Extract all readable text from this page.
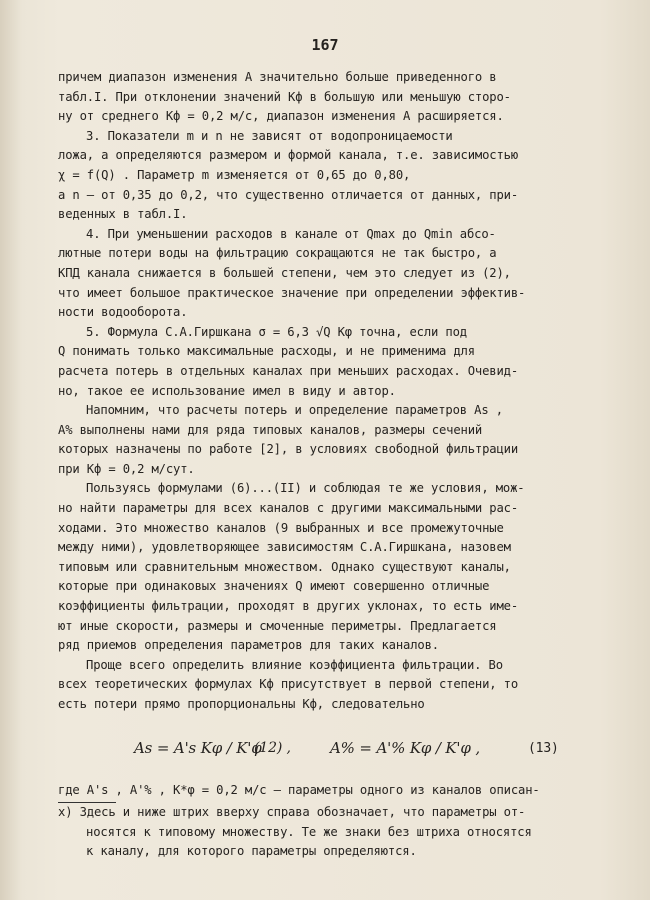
167
причем диапазон изменения А значительно больше приведенного в
табл.I. При отклонении значений Кф в большую или меньшую сторо-
ну от среднего Кф = 0,2 м/с, диапазон изменения А расширяется.
3. Показатели m и n не зависят от водопроницаемости
ложа, а определяются размером и формой канала, т.е. зависимостью
χ = f(Q) . Параметр m изменяется от 0,65 до 0,80,
а n – от 0,35 до 0,2, что существенно отличается от данных, при-
веденных в табл.I.
4. При уменьшении расходов в канале от Qmax до Qmin абсо-
лютные потери воды на фильтрацию сокращаются не так быстро, а
КПД канала снижается в большей степени, чем это следует из (2),
что имеет большое практическое значение при определении эффектив-
ности водооборота.
5. Формула С.А.Гиршкана σ = 6,3 √Q Кφ точна, если под
Q понимать только максимальные расходы, и не применима для
расчета потерь в отдельных каналах при меньших расходах. Очевид-
но, такое ее использование имел в виду и автор.
Напомним, что расчеты потерь и определение параметров As ,
A% выполнены нами для ряда типовых каналов, размеры сечений
которых назначены по работе [2], в условиях свободной фильтрации
при Кф = 0,2 м/сут.
Пользуясь формулами (6)...(II) и соблюдая те же условия, мож-
но найти параметры для всех каналов с другими максимальными рас-
ходами. Это множество каналов (9 выбранных и все промежуточные
между ними), удовлетворяющее зависимостям С.А.Гиршкана, назовем
типовым или сравнительным множеством. Однако существуют каналы,
которые при одинаковых значениях Q имеют совершенно отличные
коэффициенты фильтрации, проходят в других уклонах, то есть име-
ют иные скорости, размеры и смоченные периметры. Предлагается
ряд приемов определения параметров для таких каналов.
Проще всего определить влияние коэффициента фильтрации. Во
всех теоретических формулах Кф присутствует в первой степени, то
есть потери прямо пропорциональны Кф, следовательно
As = A's Kφ / K'φ
(12) ,	A% = A'% Kφ / K'φ ,	(13)
где A's , A'% , K*φ = 0,2 м/с – параметры одного из каналов описан-
x) Здесь и ниже штрих вверху справа обозначает, что параметры от-
носятся к типовому множеству. Те же знаки без штриха относятся
к каналу, для которого параметры определяются.
